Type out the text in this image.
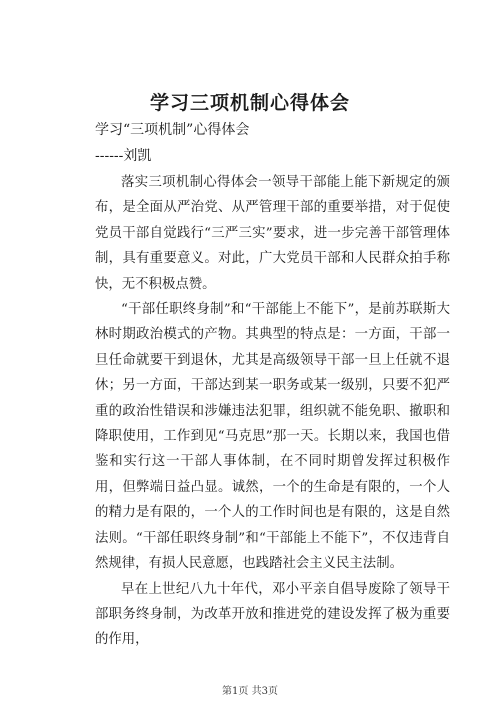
学习三项机制心得体会
学习“三项机制”心得体会
------刘凯

落实三项机制心得体会一领导干部能上能下新规定的颁布，是全面从严治党、从严管理干部的重要举措，对于促使党员干部自觉践行“三严三实”要求，进一步完善干部管理体制，具有重要意义。对此，广大党员干部和人民群众拍手称快，无不积极点赞。

“干部任职终身制”和“干部能上不能下”，是前苏联斯大林时期政治模式的产物。其典型的特点是：一方面，干部一旦任命就要干到退休，尤其是高级领导干部一旦上任就不退休；另一方面，干部达到某一职务或某一级别，只要不犯严重的政治性错误和涉嫌违法犯罪，组织就不能免职、撤职和降职使用，工作到见“马克思”那一天。长期以来，我国也借鉴和实行这一干部人事体制，在不同时期曾发挥过积极作用，但弊端日益凸显。诚然，一个的生命是有限的，一个人的精力是有限的，一个人的工作时间也是有限的，这是自然法则。“干部任职终身制”和“干部能上不能下”，不仅违背自然规律，有损人民意愿，也践踏社会主义民主法制。

早在上世纪八九十年代，邓小平亲自倡导废除了领导干部职务终身制，为改革开放和推进党的建设发挥了极为重要的作用，

第1页 共3页
